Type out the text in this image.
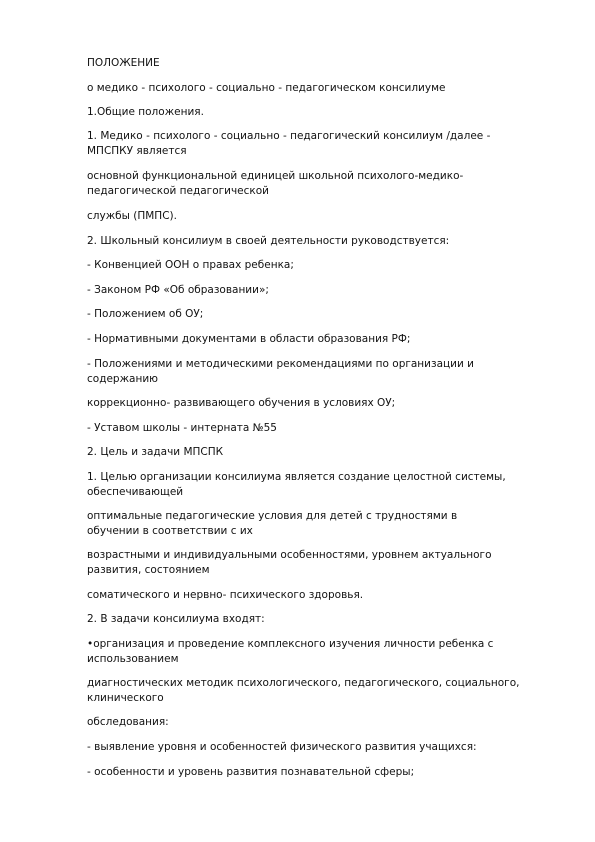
ПОЛОЖЕНИЕ
о медико - психолого - социально - педагогическом консилиуме
1.Общие положения.
1. Медико - психолого - социально - педагогический консилиум /далее -
МПСПКУ является
основной функциональной единицей школьной психолого-медико-
педагогической педагогической
службы (ПМПС).
2. Школьный консилиум в своей деятельности руководствуется:
- Конвенцией ООН о правах ребенка;
- Законом РФ «Об образовании»;
- Положением об ОУ;
- Нормативными документами в области образования РФ;
- Положениями и методическими рекомендациями по организации и
содержанию
коррекционно- развивающего обучения в условиях ОУ;
- Уставом школы - интерната №55
2. Цель и задачи МПСПК
1. Целью организации консилиума является создание целостной системы,
обеспечивающей
оптимальные педагогические условия для детей с трудностями в
обучении в соответствии с их
возрастными и индивидуальными особенностями, уровнем актуального
развития, состоянием
соматического и нервно- психического здоровья.
2. В задачи консилиума входят:
•организация и проведение комплексного изучения личности ребенка с
использованием
диагностических методик психологического, педагогического, социального,
клинического
обследования:
- выявление уровня и особенностей физического развития учащихся:
- особенности и уровень развития познавательной сферы;
